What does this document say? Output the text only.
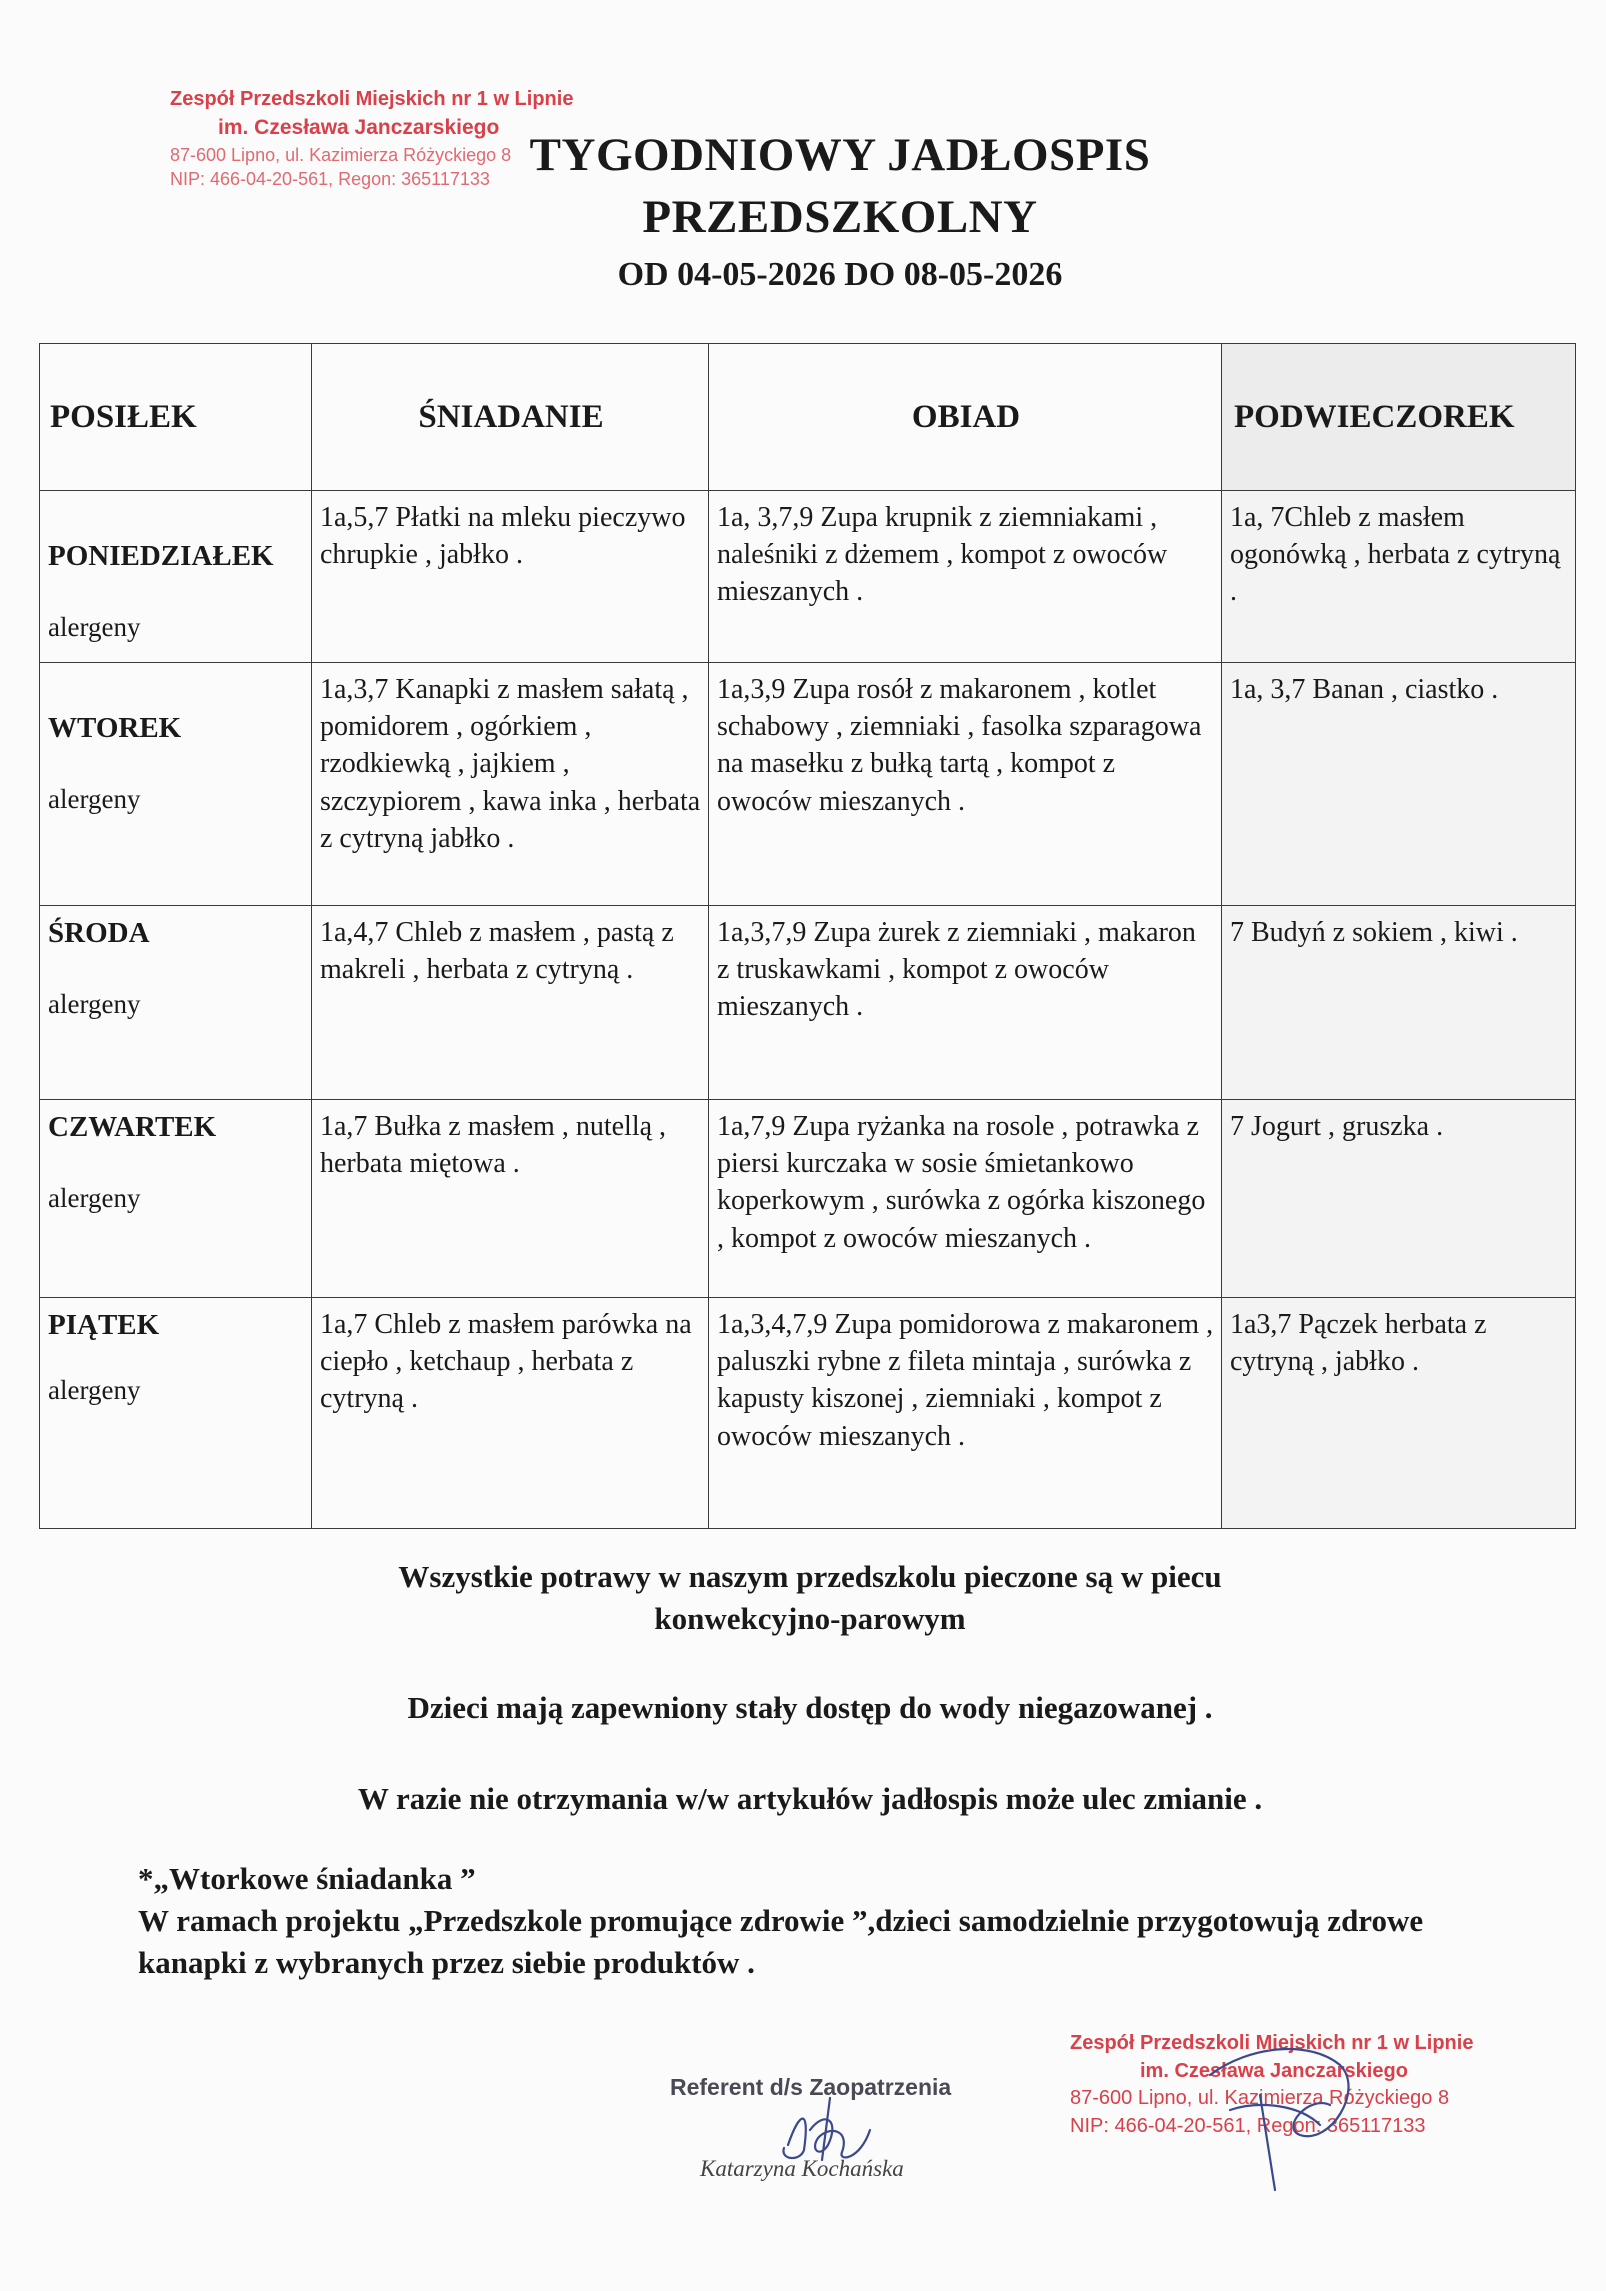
Zespół Przedszkoli Miejskich nr 1 w Lipnie
im. Czesława Janczarskiego
87-600 Lipno, ul. Kazimierza Różyckiego 8
NIP: 466-04-20-561, Regon: 365117133 TYGODNIOWY JADŁOSPIS
PRZEDSZKOLNY
OD 04-05-2026 DO 08-05-2026
POSIŁEK	ŚNIADANIE	OBIAD	PODWIECZOREK

PONIEDZIAŁEK
alergeny	1a,5,7 Płatki na mleku pieczywo chrupkie , jabłko .	1a, 3,7,9 Zupa krupnik z ziemniakami , naleśniki z dżemem , kompot z owoców mieszanych .	1a, 7Chleb z masłem ogonówką , herbata z cytryną .

WTOREK
alergeny	1a,3,7 Kanapki z masłem sałatą , pomidorem , ogórkiem , rzodkiewką , jajkiem , szczypiorem , kawa inka , herbata z cytryną jabłko .	1a,3,9 Zupa rosół z makaronem , kotlet schabowy , ziemniaki , fasolka szparagowa na masełku z bułką tartą , kompot z owoców mieszanych .	1a, 3,7 Banan , ciastko .

ŚRODA
alergeny	1a,4,7 Chleb z masłem , pastą z makreli , herbata z cytryną .	1a,3,7,9 Zupa żurek z ziemniaki , makaron z truskawkami , kompot z owoców mieszanych .	7 Budyń z sokiem , kiwi .

CZWARTEK
alergeny	1a,7 Bułka z masłem , nutellą , herbata miętowa .	1a,7,9 Zupa ryżanka na rosole , potrawka z piersi kurczaka w sosie śmietankowo koperkowym , surówka z ogórka kiszonego , kompot z owoców mieszanych .	7 Jogurt , gruszka .

PIĄTEK
alergeny	1a,7 Chleb z masłem parówka na ciepło , ketchaup , herbata z cytryną .	1a,3,4,7,9 Zupa pomidorowa z makaronem , paluszki rybne z fileta mintaja , surówka z kapusty kiszonej , ziemniaki , kompot z owoców mieszanych .	1a3,7 Pączek herbata z cytryną , jabłko .
Wszystkie potrawy w naszym przedszkolu pieczone są w piecu
konwekcyjno-parowym
Dzieci mają zapewniony stały dostęp do wody niegazowanej .
W razie nie otrzymania w/w artykułów jadłospis może ulec zmianie .
*„Wtorkowe śniadanka ”
W ramach projektu „Przedszkole promujące zdrowie ”,dzieci samodzielnie przygotowują zdrowe kanapki z wybranych przez siebie produktów .
Referent d/s Zaopatrzenia
Katarzyna Kochańska
Zespół Przedszkoli Miejskich nr 1 w Lipnie
im. Czesława Janczarskiego
87-600 Lipno, ul. Kazimierza Różyckiego 8
NIP: 466-04-20-561, Regon: 365117133
